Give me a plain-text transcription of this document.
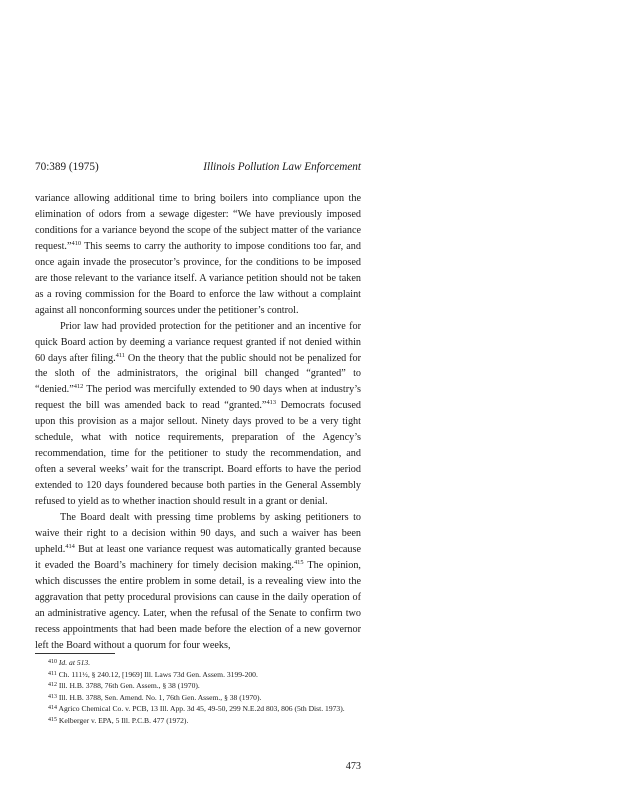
70:389 (1975)	Illinois Pollution Law Enforcement

variance allowing additional time to bring boilers into compliance upon the elimination of odors from a sewage digester: “We have previously imposed conditions for a variance beyond the scope of the subject matter of the variance request.”$^{410}$ This seems to carry the authority to impose conditions too far, and once again invade the prosecutor’s province, for the conditions to be imposed are those relevant to the variance itself. A variance petition should not be taken as a roving commission for the Board to enforce the law without a complaint against all nonconforming sources under the petitioner’s control.

Prior law had provided protection for the petitioner and an incentive for quick Board action by deeming a variance request granted if not denied within 60 days after filing.$^{411}$ On the theory that the public should not be penalized for the sloth of the administrators, the original bill changed “granted” to “denied.”$^{412}$ The period was mercifully extended to 90 days when at industry’s request the bill was amended back to read “granted.”$^{413}$ Democrats focused upon this provision as a major sellout. Ninety days proved to be a very tight schedule, what with notice requirements, preparation of the Agency’s recommendation, time for the petitioner to study the recommendation, and often a several weeks’ wait for the transcript. Board efforts to have the period extended to 120 days foundered because both parties in the General Assembly refused to yield as to whether inaction should result in a grant or denial.

The Board dealt with pressing time problems by asking petitioners to waive their right to a decision within 90 days, and such a waiver has been upheld.$^{414}$ But at least one variance request was automatically granted because it evaded the Board’s machinery for timely decision making.$^{415}$ The opinion, which discusses the entire problem in some detail, is a revealing view into the aggravation that petty procedural provisions can cause in the daily operation of an administrative agency. Later, when the refusal of the Senate to confirm two recess appointments that had been made before the election of a new governor left the Board without a quorum for four weeks,

$^{410}$ Id. at 513.
$^{411}$ Ch. 111½, § 240.12, [1969] Ill. Laws 73d Gen. Assem. 3199-200.
$^{412}$ Ill. H.B. 3788, 76th Gen. Assem., § 38 (1970).
$^{413}$ Ill. H.B. 3788, Sen. Amend. No. 1, 76th Gen. Assem., § 38 (1970).
$^{414}$ Agrico Chemical Co. v. PCB, 13 Ill. App. 3d 45, 49-50, 299 N.E.2d 803, 806 (5th Dist. 1973).
$^{415}$ Kelberger v. EPA, 5 Ill. P.C.B. 477 (1972).
473
